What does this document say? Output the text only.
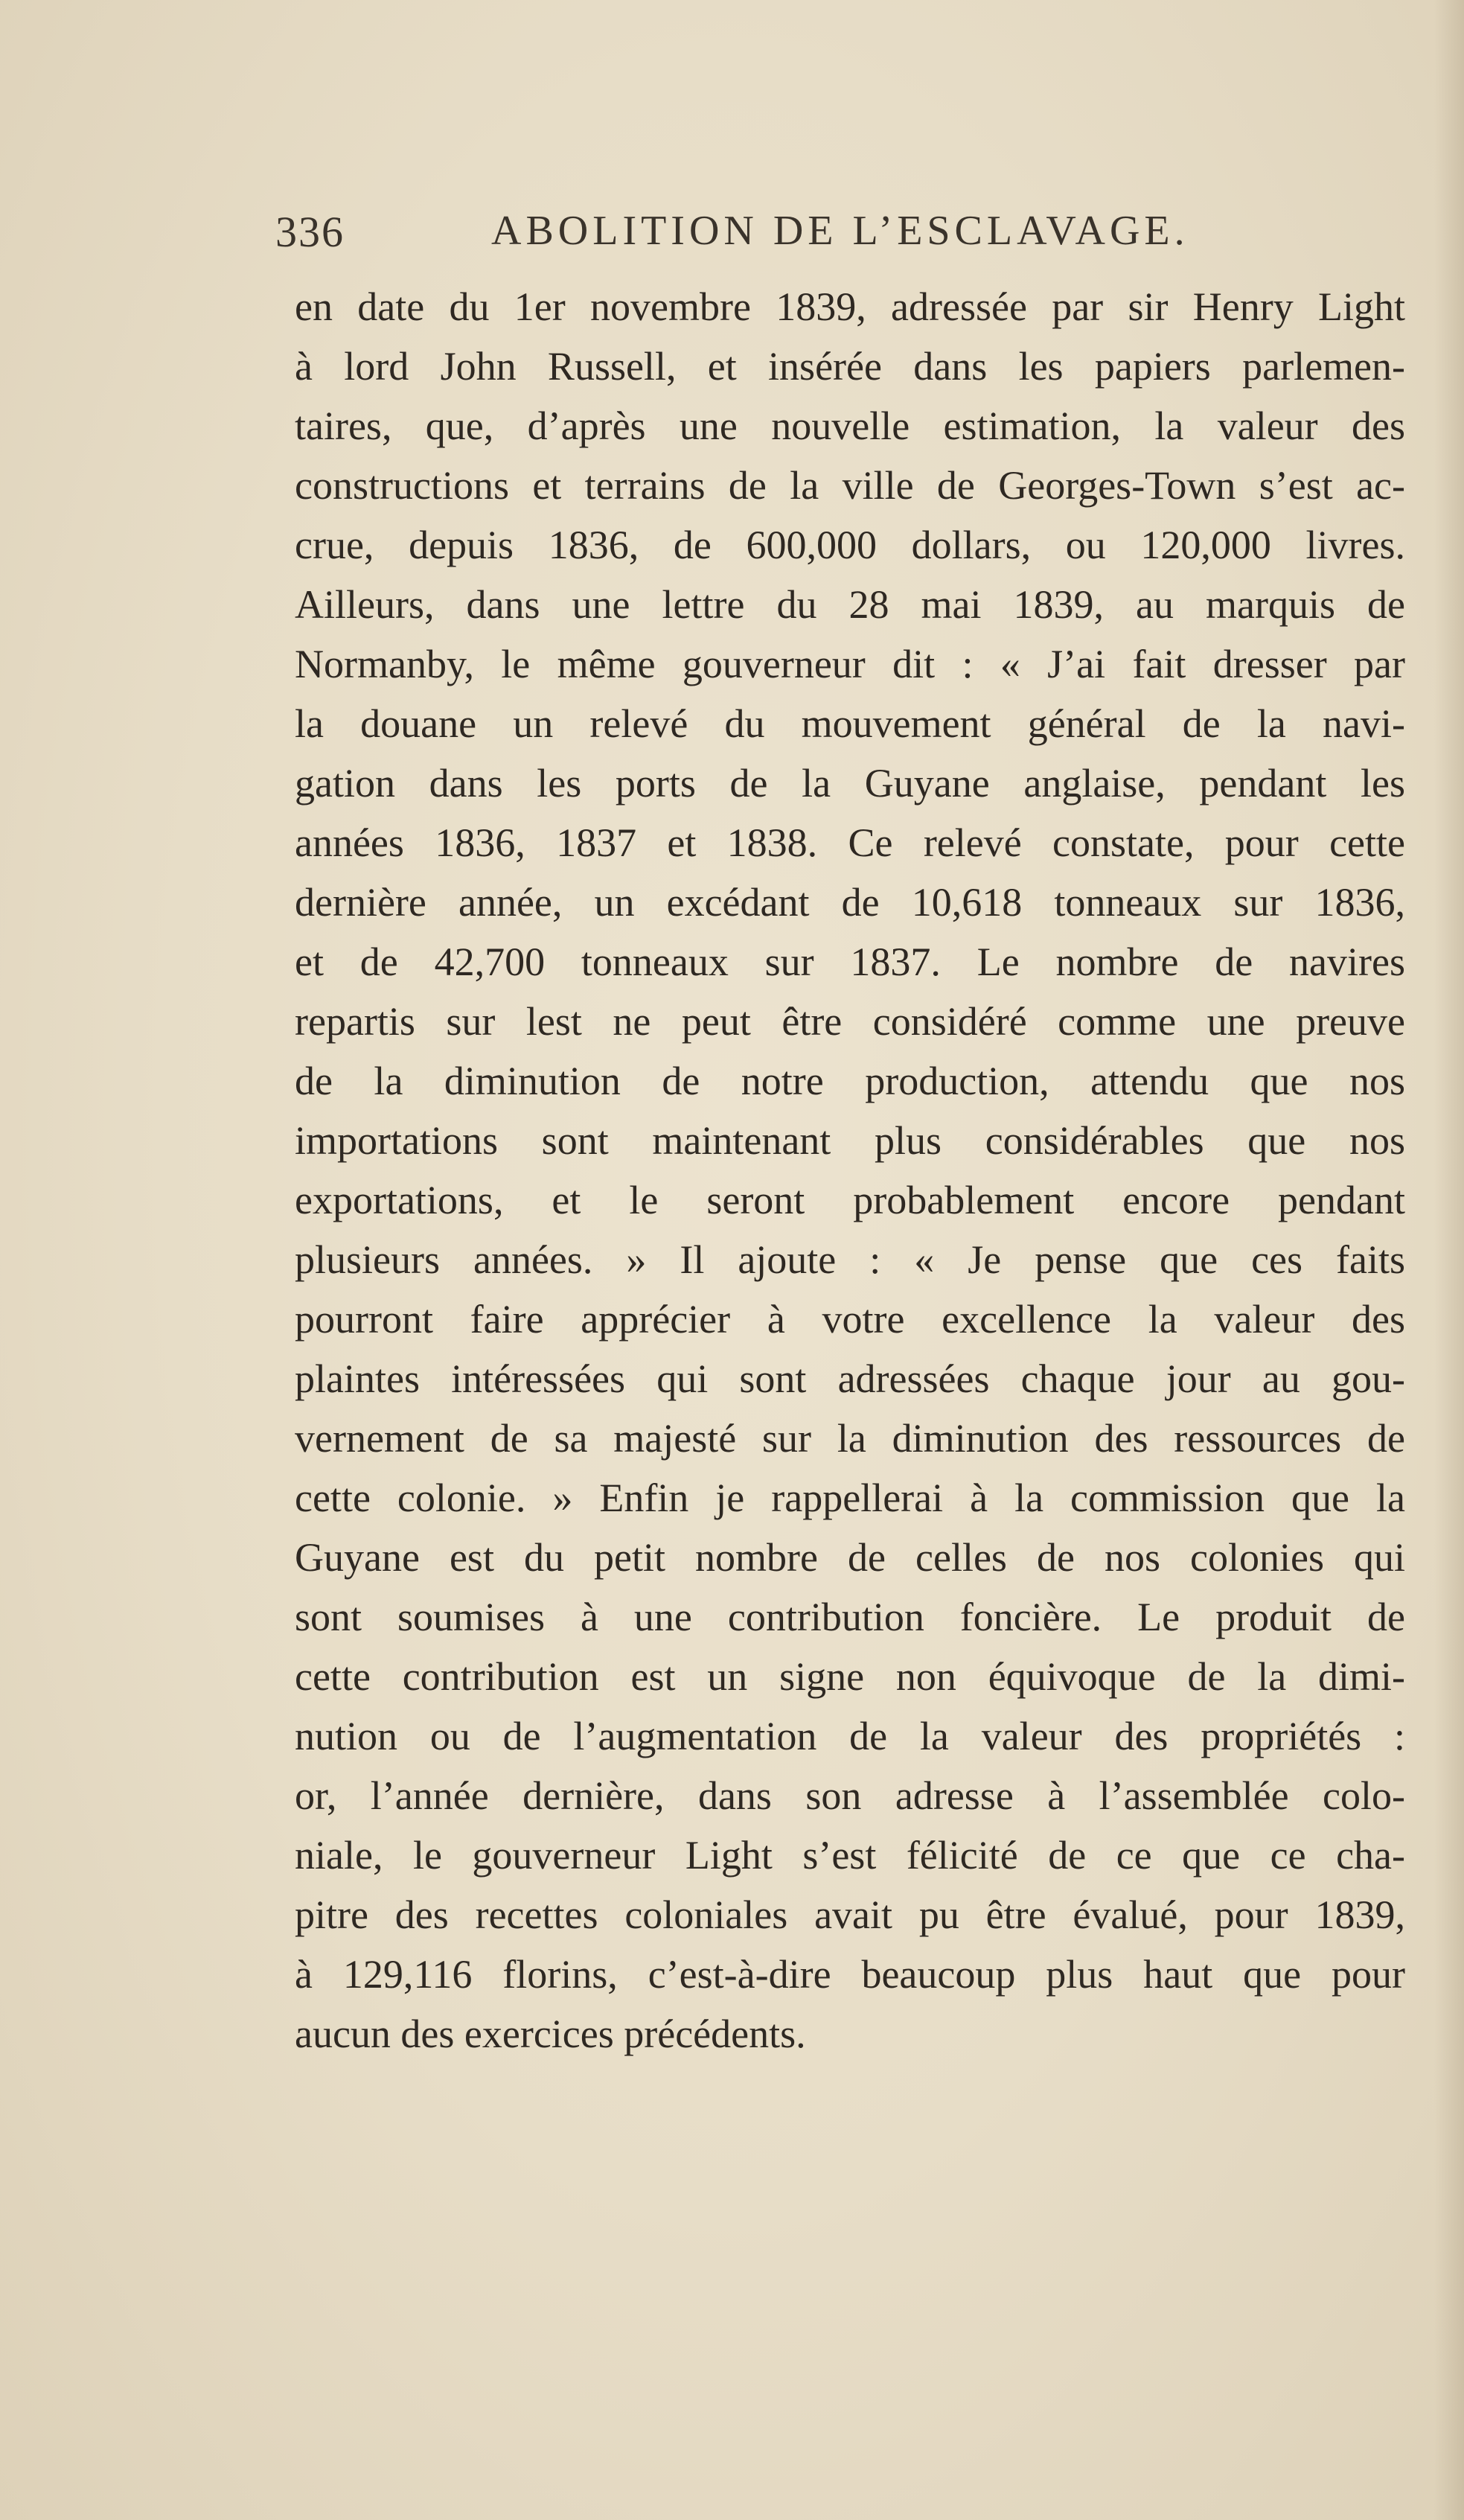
336	ABOLITION DE L’ESCLAVAGE.
en date du 1er novembre 1839, adressée par sir Henry Light
à lord John Russell, et insérée dans les papiers parlemen-
taires, que, d’après une nouvelle estimation, la valeur des
constructions et terrains de la ville de Georges-Town s’est ac-
crue, depuis 1836, de 600,000 dollars, ou 120,000 livres.
Ailleurs, dans une lettre du 28 mai 1839, au marquis de
Normanby, le même gouverneur dit : « J’ai fait dresser par
la douane un relevé du mouvement général de la navi-
gation dans les ports de la Guyane anglaise, pendant les
années 1836, 1837 et 1838. Ce relevé constate, pour cette
dernière année, un excédant de 10,618 tonneaux sur 1836,
et de 42,700 tonneaux sur 1837. Le nombre de navires
repartis sur lest ne peut être considéré comme une preuve
de la diminution de notre production, attendu que nos
importations sont maintenant plus considérables que nos
exportations, et le seront probablement encore pendant
plusieurs années. » Il ajoute : « Je pense que ces faits
pourront faire apprécier à votre excellence la valeur des
plaintes intéressées qui sont adressées chaque jour au gou-
vernement de sa majesté sur la diminution des ressources de
cette colonie. » Enfin je rappellerai à la commission que la
Guyane est du petit nombre de celles de nos colonies qui
sont soumises à une contribution foncière. Le produit de
cette contribution est un signe non équivoque de la dimi-
nution ou de l’augmentation de la valeur des propriétés :
or, l’année dernière, dans son adresse à l’assemblée colo-
niale, le gouverneur Light s’est félicité de ce que ce cha-
pitre des recettes coloniales avait pu être évalué, pour 1839,
à 129,116 florins, c’est-à-dire beaucoup plus haut que pour
aucun des exercices précédents.
